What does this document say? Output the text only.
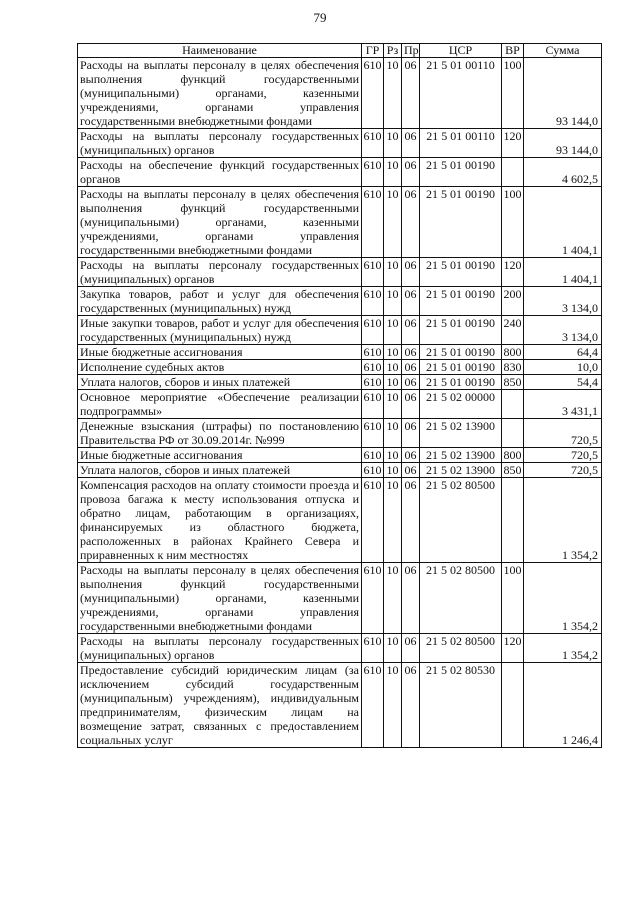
79
Наименование	ГР	Рз	Пр	ЦСР	ВР	Сумма
Расходы на выплаты персоналу в целях обеспечения выполнения функций государственными (муниципальными) органами, казенными учреждениями, органами управления государственными внебюджетными фондами	610	10	06	21 5 01 00110	100	93 144,0
Расходы на выплаты персоналу государственных (муниципальных) органов	610	10	06	21 5 01 00110	120	93 144,0
Расходы на обеспечение функций государственных органов	610	10	06	21 5 01 00190		4 602,5
Расходы на выплаты персоналу в целях обеспечения выполнения функций государственными (муниципальными) органами, казенными учреждениями, органами управления государственными внебюджетными фондами	610	10	06	21 5 01 00190	100	1 404,1
Расходы на выплаты персоналу государственных (муниципальных) органов	610	10	06	21 5 01 00190	120	1 404,1
Закупка товаров, работ и услуг для обеспечения государственных (муниципальных) нужд	610	10	06	21 5 01 00190	200	3 134,0
Иные закупки товаров, работ и услуг для обеспечения государственных (муниципальных) нужд	610	10	06	21 5 01 00190	240	3 134,0
Иные бюджетные ассигнования	610	10	06	21 5 01 00190	800	64,4
Исполнение судебных актов	610	10	06	21 5 01 00190	830	10,0
Уплата налогов, сборов и иных платежей	610	10	06	21 5 01 00190	850	54,4
Основное мероприятие «Обеспечение реализации подпрограммы»	610	10	06	21 5 02 00000		3 431,1
Денежные взыскания (штрафы) по постановлению Правительства РФ от 30.09.2014г. №999	610	10	06	21 5 02 13900		720,5
Иные бюджетные ассигнования	610	10	06	21 5 02 13900	800	720,5
Уплата налогов, сборов и иных платежей	610	10	06	21 5 02 13900	850	720,5
Компенсация расходов на оплату стоимости проезда и провоза багажа к месту использования отпуска и обратно лицам, работающим в организациях, финансируемых из областного бюджета, расположенных в районах Крайнего Севера и приравненных к ним местностях	610	10	06	21 5 02 80500		1 354,2
Расходы на выплаты персоналу в целях обеспечения выполнения функций государственными (муниципальными) органами, казенными учреждениями, органами управления государственными внебюджетными фондами	610	10	06	21 5 02 80500	100	1 354,2
Расходы на выплаты персоналу государственных (муниципальных) органов	610	10	06	21 5 02 80500	120	1 354,2
Предоставление субсидий юридическим лицам (за исключением субсидий государственным (муниципальным) учреждениям), индивидуальным предпринимателям, физическим лицам на возмещение затрат, связанных с предоставлением социальных услуг	610	10	06	21 5 02 80530		1 246,4
